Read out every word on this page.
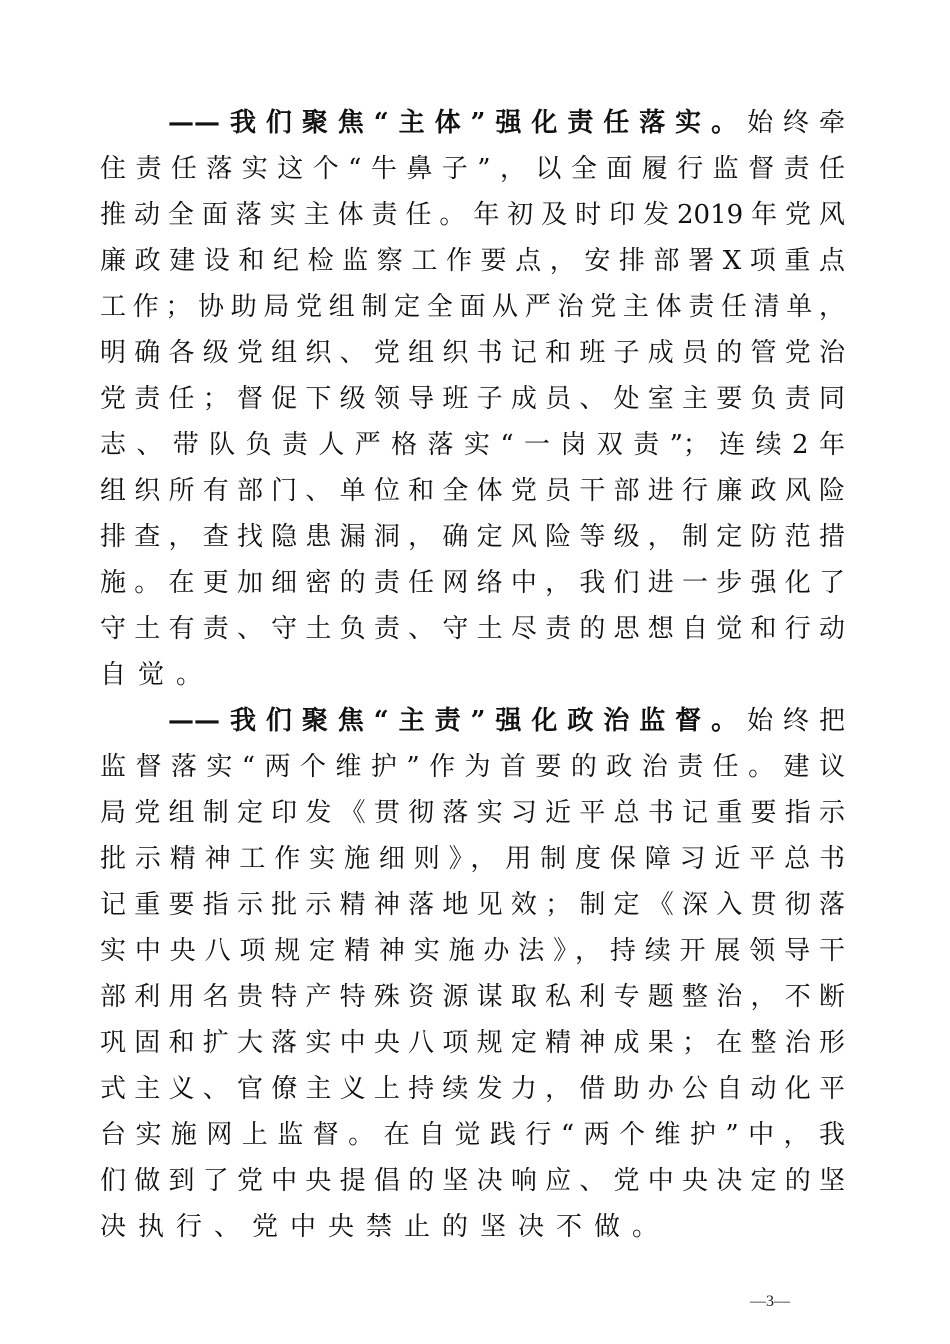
——我们聚焦“主体”强化责任落实。始终牵
住责任落实这个“牛鼻子”，以全面履行监督责任
推动全面落实主体责任。年初及时印发2019年党风
廉政建设和纪检监察工作要点，安排部署X项重点
工作；协助局党组制定全面从严治党主体责任清单，
明确各级党组织、党组织书记和班子成员的管党治
党责任；督促下级领导班子成员、处室主要负责同
志、带队负责人严格落实“一岗双责”；连续2年
组织所有部门、单位和全体党员干部进行廉政风险
排查，查找隐患漏洞，确定风险等级，制定防范措
施。在更加细密的责任网络中，我们进一步强化了
守土有责、守土负责、守土尽责的思想自觉和行动
自觉。
——我们聚焦“主责”强化政治监督。始终把
监督落实“两个维护”作为首要的政治责任。建议
局党组制定印发《贯彻落实习近平总书记重要指示
批示精神工作实施细则》，用制度保障习近平总书
记重要指示批示精神落地见效；制定《深入贯彻落
实中央八项规定精神实施办法》，持续开展领导干
部利用名贵特产特殊资源谋取私利专题整治，不断
巩固和扩大落实中央八项规定精神成果；在整治形
式主义、官僚主义上持续发力，借助办公自动化平
台实施网上监督。在自觉践行“两个维护”中，我
们做到了党中央提倡的坚决响应、党中央决定的坚
决执行、党中央禁止的坚决不做。
—3—
